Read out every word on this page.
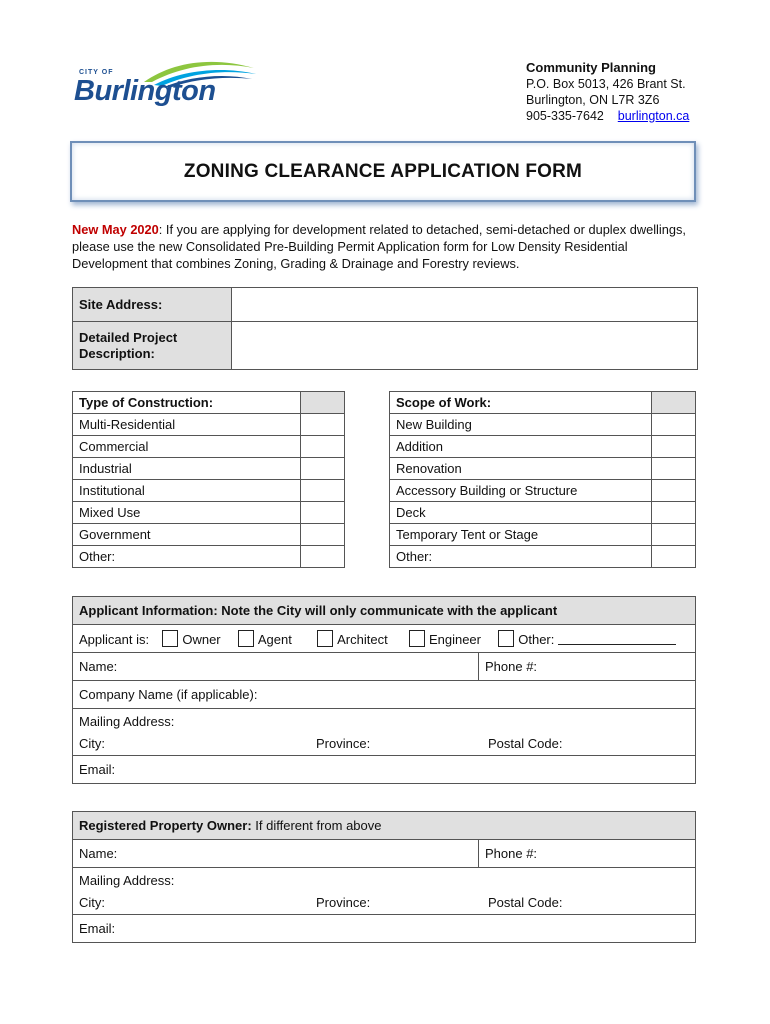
CITY OF
Burlington
Community Planning
P.O. Box 5013, 426 Brant St.
Burlington, ON L7R 3Z6
905-335-7642 burlington.ca
ZONING CLEARANCE APPLICATION FORM
New May 2020: If you are applying for development related to detached, semi-detached or duplex dwellings, please use the new Consolidated Pre-Building Permit Application form for Low Density Residential Development that combines Zoning, Grading & Drainage and Forestry reviews.
Site Address:	
Detailed Project Description:	
Type of Construction:	
Multi-Residential	
Commercial	
Industrial	
Institutional	
Mixed Use	
Government	
Other:	
Scope of Work:	
New Building	
Addition	
Renovation	
Accessory Building or Structure	
Deck	
Temporary Tent or Stage	
Other:	
Applicant Information: Note the City will only communicate with the applicant
Applicant is:	Owner	Agent	Architect	Engineer	Other:
Name:	Phone #:
Company Name (if applicable):

Mailing Address:
City:	Province:	Postal Code:

Email:
Registered Property Owner: If different from above
Name:	Phone #:

Mailing Address:
City:	Province:	Postal Code:

Email:
